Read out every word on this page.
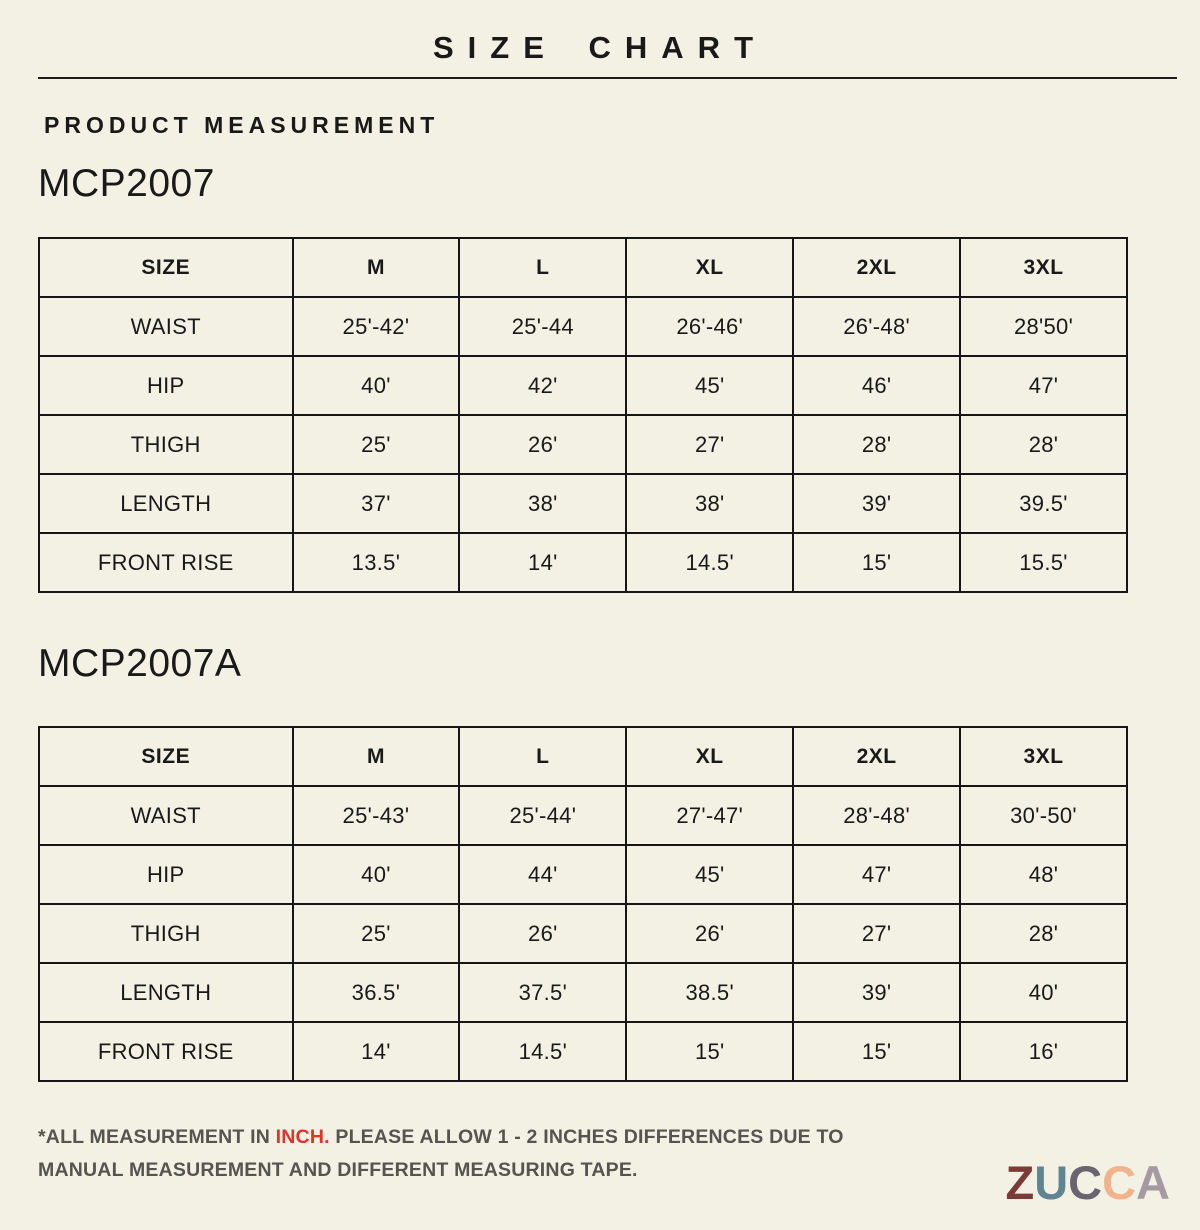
SIZE CHART
PRODUCT MEASUREMENT
MCP2007
SIZE	M	L	XL	2XL	3XL
WAIST	25'-42'	25'-44	26'-46'	26'-48'	28'50'
HIP	40'	42'	45'	46'	47'
THIGH	25'	26'	27'	28'	28'
LENGTH	37'	38'	38'	39'	39.5'
FRONT RISE	13.5'	14'	14.5'	15'	15.5'
MCP2007A
SIZE	M	L	XL	2XL	3XL
WAIST	25'-43'	25'-44'	27'-47'	28'-48'	30'-50'
HIP	40'	44'	45'	47'	48'
THIGH	25'	26'	26'	27'	28'
LENGTH	36.5'	37.5'	38.5'	39'	40'
FRONT RISE	14'	14.5'	15'	15'	16'

*ALL MEASUREMENT IN INCH. PLEASE ALLOW 1 - 2 INCHES DIFFERENCES DUE TO MANUAL MEASUREMENT AND DIFFERENT MEASURING TAPE.	ZUCCA
